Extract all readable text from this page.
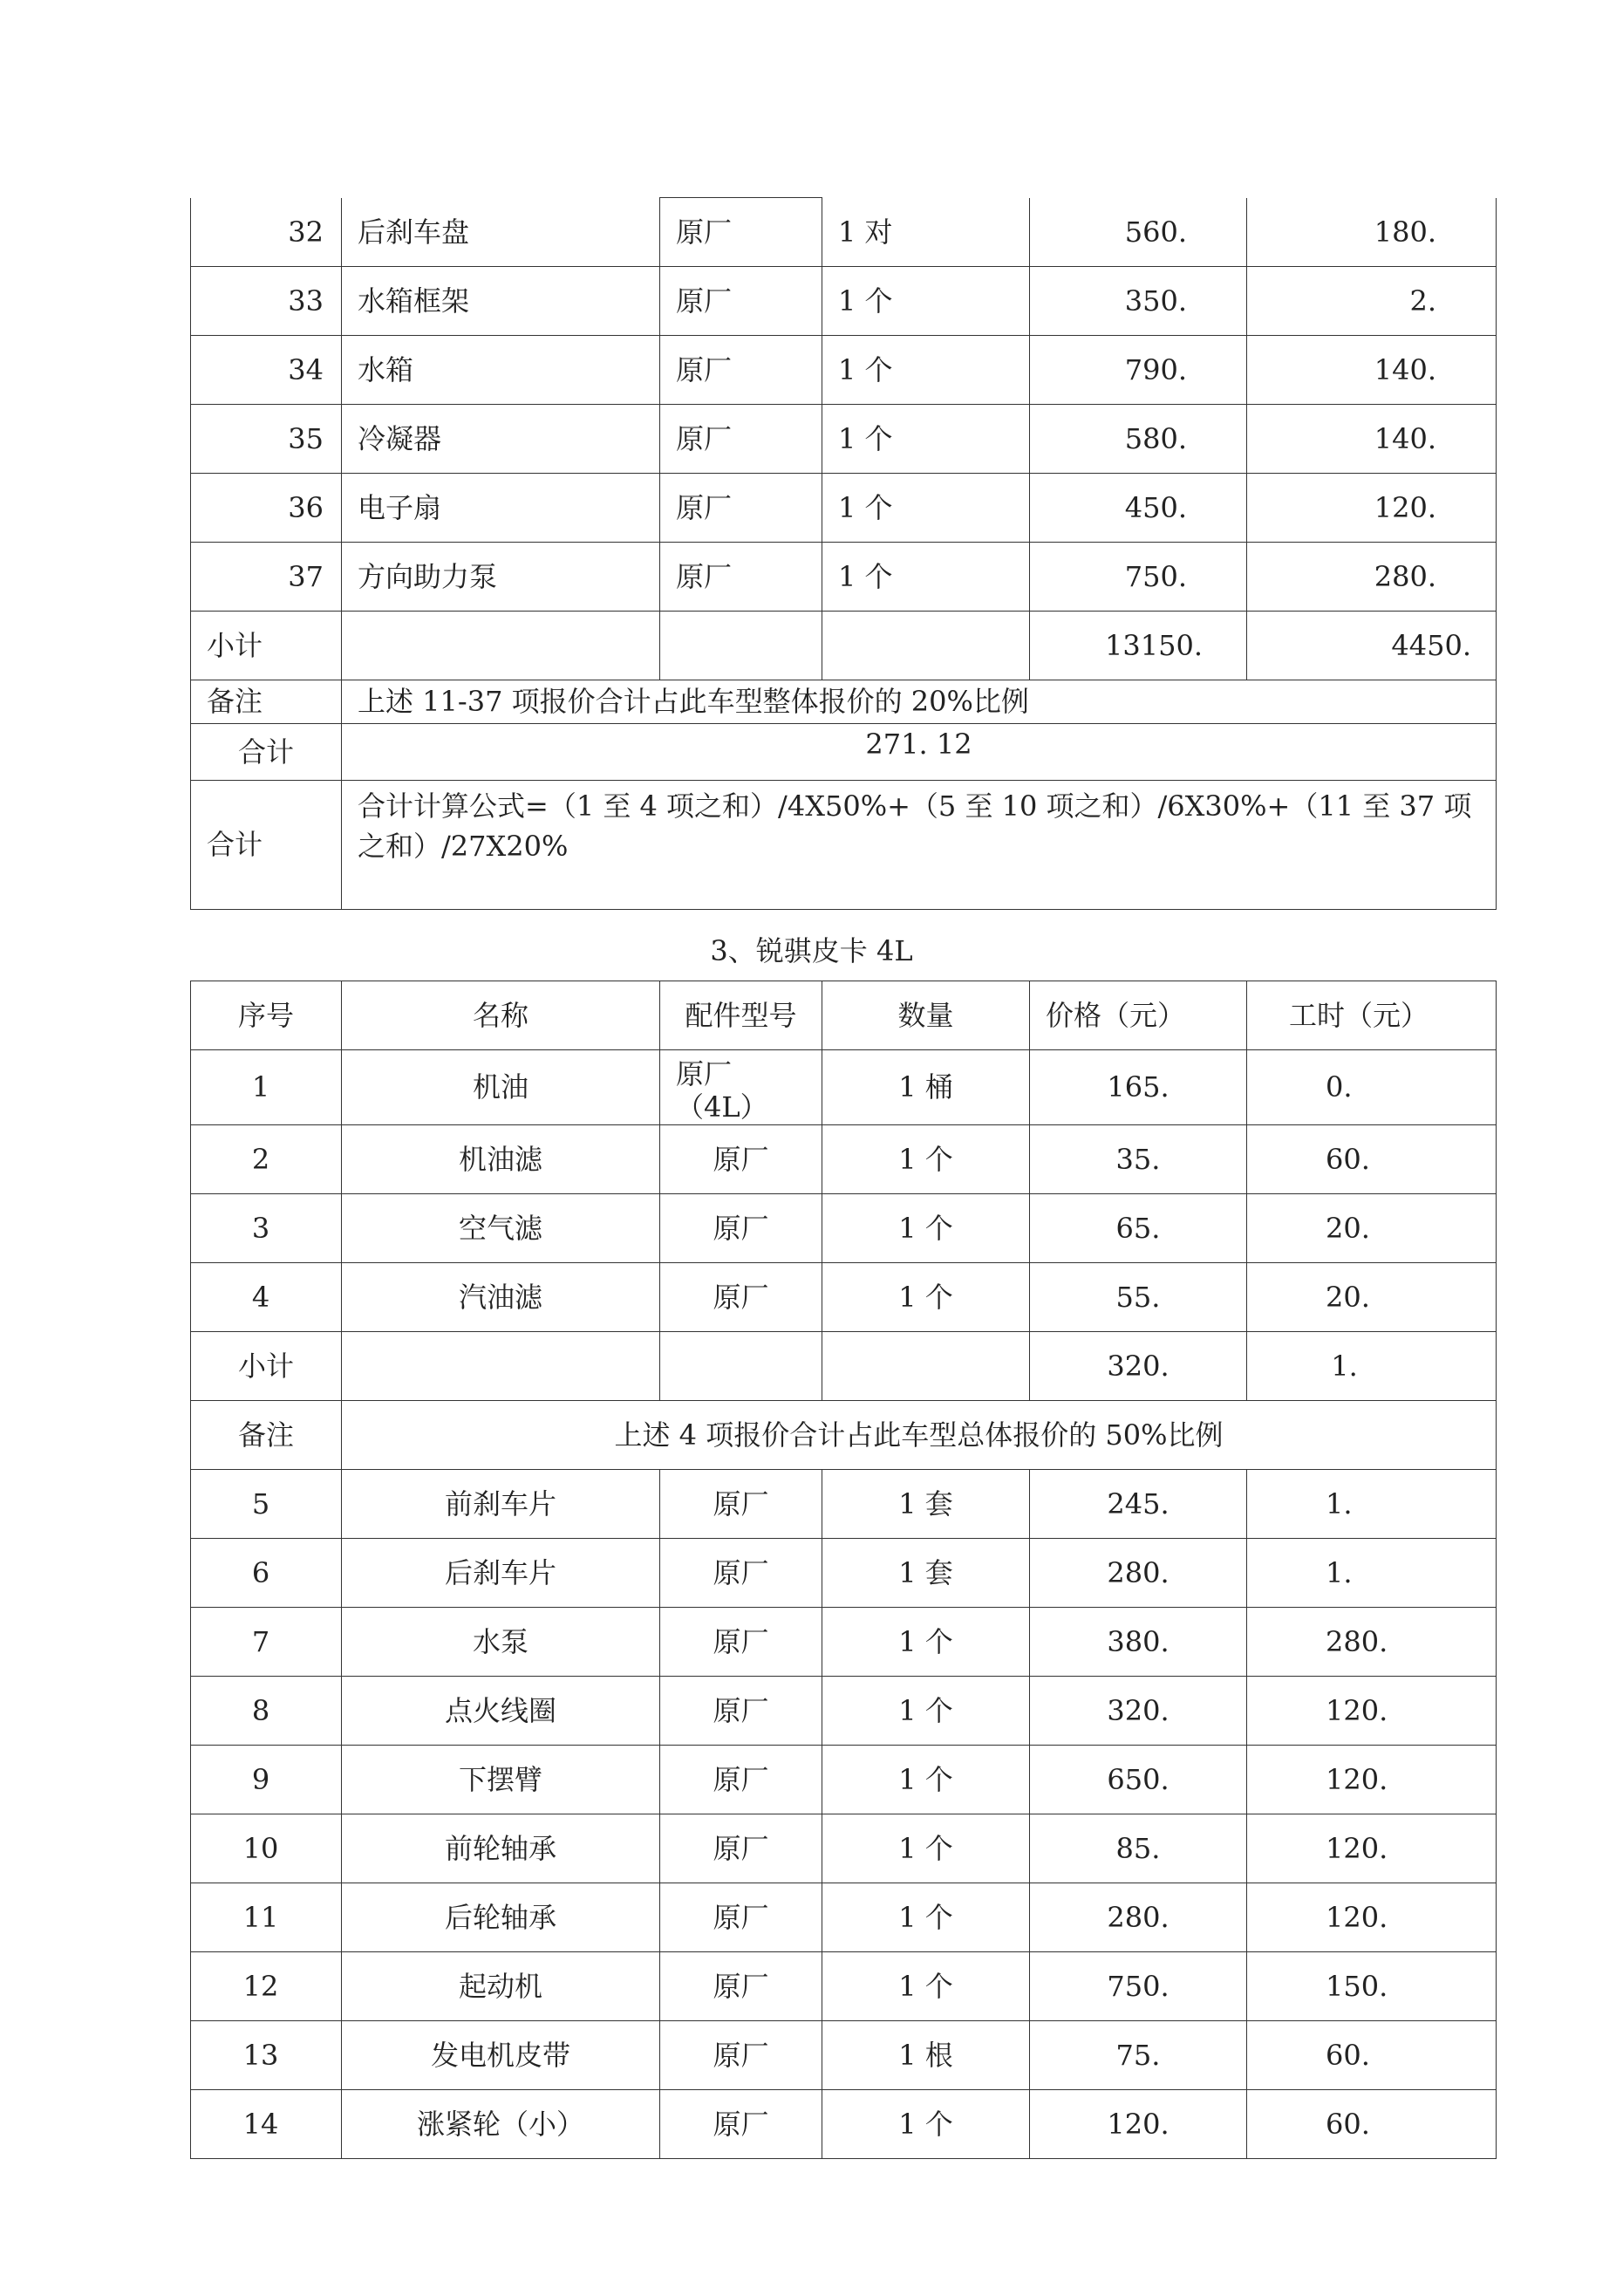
32	后刹车盘	原厂	1 对	560.	180.
33	水箱框架	原厂	1 个	350.	2.
34	水箱	原厂	1 个	790.	140.
35	冷凝器	原厂	1 个	580.	140.
36	电子扇	原厂	1 个	450.	120.
37	方向助力泵	原厂	1 个	750.	280.
小计				13150.	4450.
备注	上述 11-37 项报价合计占此车型整体报价的 20%比例				
合计	271. 12				
合计	合计计算公式=（1 至 4 项之和）/4X50%+（5 至 10 项之和）/6X30%+（11 至 37 项 之和）/27X20%				
3、锐骐皮卡 4L
序号	名称	配件型号	数量	价格（元）	工时（元）
1	机油	原厂（4L）	1 桶	165.	0.
2	机油滤	原厂	1 个	35.	60.
3	空气滤	原厂	1 个	65.	20.
4	汽油滤	原厂	1 个	55.	20.
小计				320.	1.
备注	上述 4 项报价合计占此车型总体报价的 50%比例				
5	前刹车片	原厂	1 套	245.	1.
6	后刹车片	原厂	1 套	280.	1.
7	水泵	原厂	1 个	380.	280.
8	点火线圈	原厂	1 个	320.	120.
9	下摆臂	原厂	1 个	650.	120.
10	前轮轴承	原厂	1 个	85.	120.
11	后轮轴承	原厂	1 个	280.	120.
12	起动机	原厂	1 个	750.	150.
13	发电机皮带	原厂	1 根	75.	60.
14	涨紧轮（小）	原厂	1 个	120.	60.
